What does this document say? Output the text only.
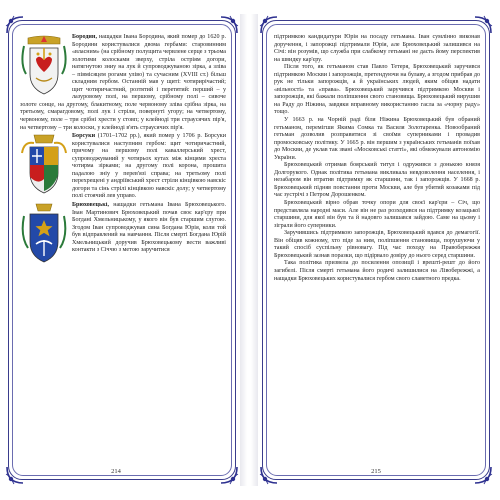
Бородин, нащадки Івана Бородина, який помер до 1620 р. Бородини користувалися двома гербами: старовинним «власним» (на срібному полущита червлене серце з трьома золотими колосками зверху, стріла остріям догори, натягнутою зниу на лук й супроводжуваною зірка, а зліва – півмісяцем рогами уліво) та сучасним (XVIII ст.) більш складним гербом. Останній мав у щиті: чотирирічастий; щит чотиричастний, розтятий і перетятий: перший – у лазуровому полі, на першому, срібному полі – сивоче золоте сонце, на другому, блакитному, поле червоному зліва срібна зірка, на третьому, смарагдовому, полі лук і стріли, повернуті угору; на четвертому, червоному, поле – три срібні хрести у стовп; у клейноді три страусячих пір'я, на четвертому – три колоски, у клейноді в'ять страусячих пір'я.
Борсуки (1701–1702 рр.), який помер у 1706 р. Борсуки користувалися наступним гербом: щит чотиричастний, причому на першому полі каваллерський хрест, супроводжуваний у чотирьох кутах між кінцями хреста чотирма зірками; на другому полі корона, прошита падалою зніу у перев'язі справа; на третьому полі перехрещені у андріївський хрест стріли кінцівкою навскіс догори та сінь стрілі кінцівкою навскіс долу; у четвертому полі стоячий лев управо.
Брюховецькі, нащадки гетьмана Івана Брюховецького. Іван Мартинович Брюховецький почав своє кар'єру при Богдані Хмельницькому, у якого він був старшим слугою. Згодом Іван супроводжував сина Богдана Юрія, коли той був відправлений на навчання. Після смерті Богдана Юрій Хмельницький доручив Брюховецькому вести важливі контакти з Січчю з метою заручитися
214

підтримкою кандидатури Юрія на посаду гетьмана. Іван сумлінно виконав доручення, і запорожці підтримали Юрія, але Брюховецький залишився на Січі: він розумів, що служба при слабкому гетьмані не дасть йому перспектив на швидку кар'єру.

Після того, як гетьманом став Павло Тетеря, Брюховецький заручився підтримкою Москви і запорожців, претендуючи на булаву, а згодом прибрав до рук не тільки запорожців, а й українських людей, яким обіцяв надати «вільності» та «права». Брюховецький заручився підтримкою Москви і запорожців, які бажали поліпшення свого становища. Брюховецький вирушив на Раду до Ніжина, завдяки вправному використанню гасла за «чорну раду» тощо.

У 1663 р. на Чорній раді біля Ніжина Брюховецький був обраний гетьманом, перемігши Якима Сомка та Василя Золотаренка. Новообраний гетьман дозволив розправитися зі своїми суперниками і провадив промосковську політику. У 1665 р. він першим з українських гетьманів поїхав до Москви, де уклав так звані «Московські статті», які обмежували автономію України.

Брюховецький отримав боярський титул і одружився з донькою князя Долгорукого. Однак політика гетьмана викликала невдоволення населення, і незабаром він втратив підтримку як старшини, так і запорожців. У 1668 р. Брюховецький підняв повстання проти Москви, але був убитий козаками під час зустрічі з Петром Дорошенком.

Брюховецький вірно обрав точку опори для своєї кар'єри – Січ, що представляла народні маси. Але він не раз розходився на підтримку козацької старшини, для якої він був та й надовго залишався зайдою. Саме на цьому і зіграли його суперники.

Заручившись підтримкою запорожців, Брюховецький вдався до демагогії. Він обіцяв кожному, хто піде за ним, поліпшення становища, порушуючи у такий спосіб суспільну рівновагу. Під час походу на Правобережжя Брюховецький зазнав поразки, що підірвало довіру до нього серед старшини.

Така політика призвела до посилення опозиції і врешті-решт до його загибелі. Після смерті гетьмана його родичі залишилися на Лівобережжі, а нащадки Брюховецьких користувалися гербом свого славетного предка.

215
